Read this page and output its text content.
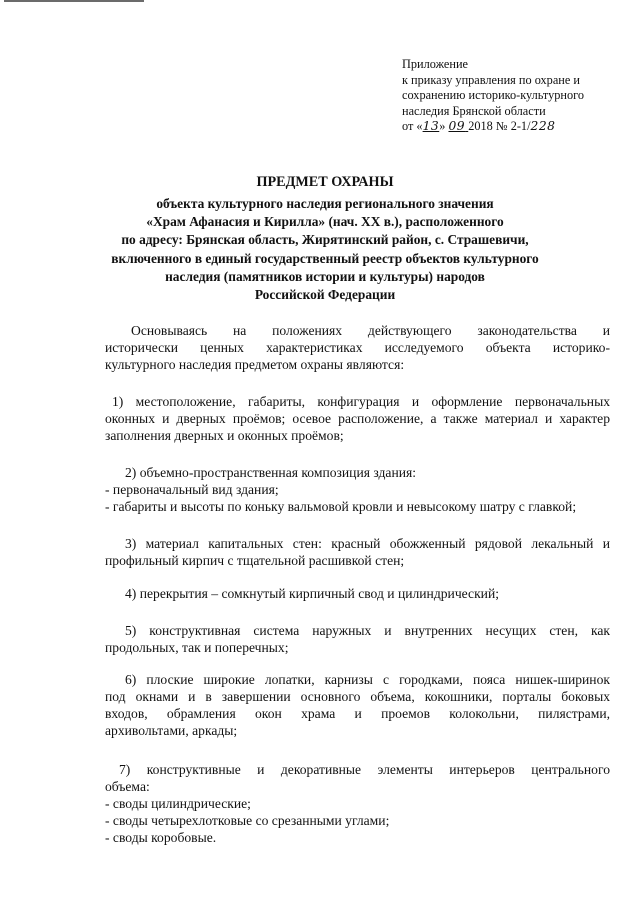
Приложение
к приказу управления по охране и
сохранению историко-культурного
наследия Брянской области
от «13» 09 2018 № 2-1/228
ПРЕДМЕТ ОХРАНЫ
объекта культурного наследия регионального значения
«Храм Афанасия и Кирилла» (нач. XX в.), расположенного
по адресу: Брянская область, Жирятинский район, с. Страшевичи,
включенного в единый государственный реестр объектов культурного
наследия (памятников истории и культуры) народов
Российской Федерации
Основываясь на положениях действующего законодательства и
исторически ценных характеристиках исследуемого объекта историко-
культурного наследия предметом охраны являются:
1) местоположение, габариты, конфигурация и оформление первоначальных
оконных и дверных проёмов; осевое расположение, а также материал и характер
заполнения дверных и оконных проёмов;
2) объемно-пространственная композиция здания:
- первоначальный вид здания;
- габариты и высоты по коньку вальмовой кровли и невысокому шатру с главкой;
3) материал капитальных стен: красный обожженный рядовой лекальный и
профильный кирпич с тщательной расшивкой стен;
4) перекрытия – сомкнутый кирпичный свод и цилиндрический;
5) конструктивная система наружных и внутренних несущих стен, как
продольных, так и поперечных;
6) плоские широкие лопатки, карнизы с городками, пояса нишек-ширинок
под окнами и в завершении основного объема, кокошники, порталы боковых
входов, обрамления окон храма и проемов колокольни, пилястрами,
архивольтами, аркады;
7) конструктивные и декоративные элементы интерьеров центрального
объема:
- своды цилиндрические;
- своды четырехлотковые со срезанными углами;
- своды коробовые.
